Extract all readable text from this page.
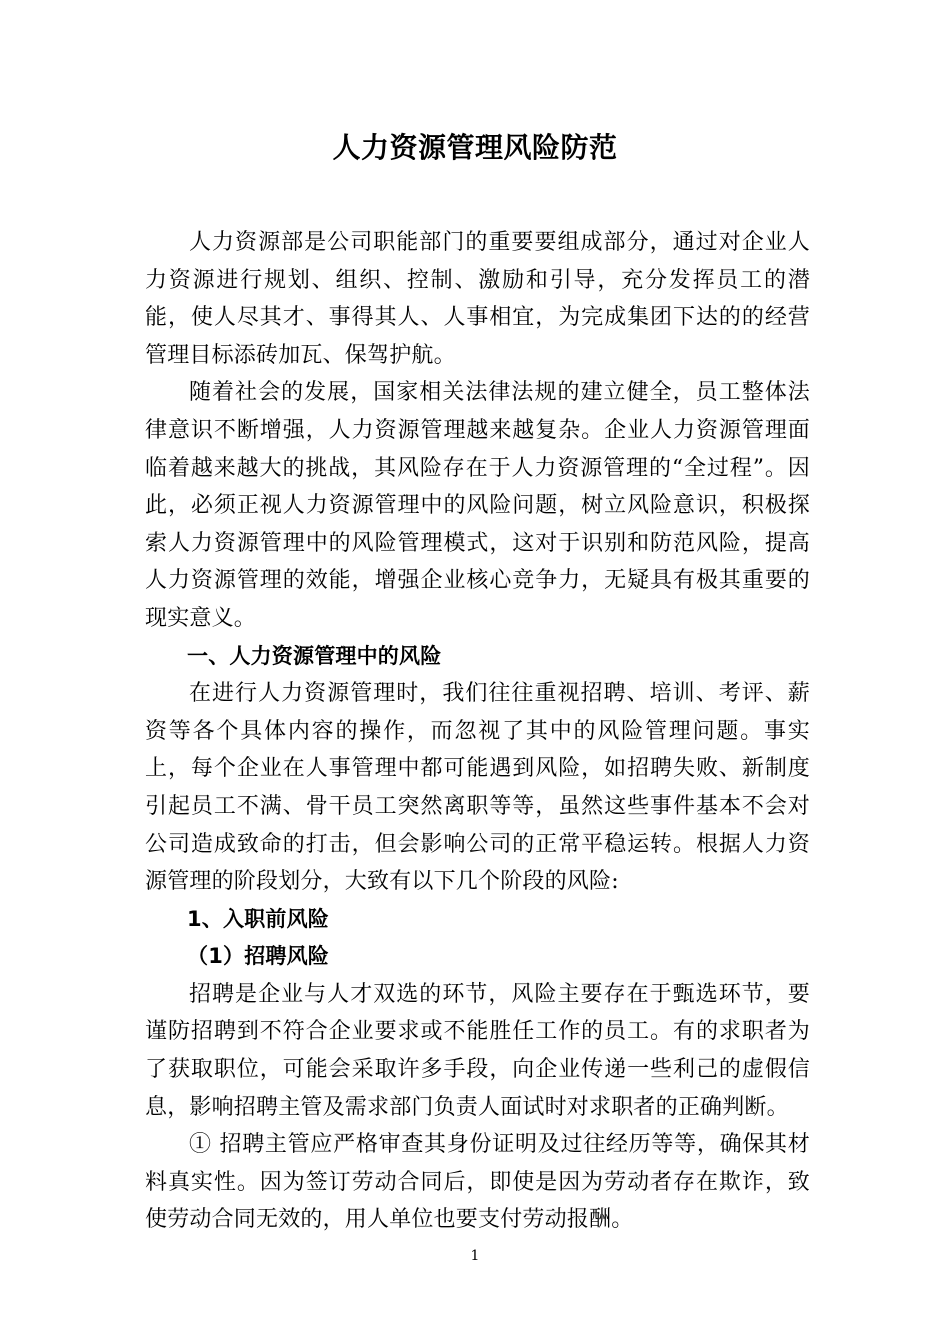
人力资源管理风险防范

人力资源部是公司职能部门的重要要组成部分，通过对企业人力资源进行规划、组织、控制、激励和引导，充分发挥员工的潜能，使人尽其才、事得其人、人事相宜，为完成集团下达的的经营管理目标添砖加瓦、保驾护航。

随着社会的发展，国家相关法律法规的建立健全，员工整体法律意识不断增强，人力资源管理越来越复杂。企业人力资源管理面临着越来越大的挑战，其风险存在于人力资源管理的“全过程”。因此，必须正视人力资源管理中的风险问题，树立风险意识，积极探索人力资源管理中的风险管理模式，这对于识别和防范风险，提高人力资源管理的效能，增强企业核心竞争力，无疑具有极其重要的现实意义。

一、人力资源管理中的风险

在进行人力资源管理时，我们往往重视招聘、培训、考评、薪资等各个具体内容的操作，而忽视了其中的风险管理问题。事实上，每个企业在人事管理中都可能遇到风险，如招聘失败、新制度引起员工不满、骨干员工突然离职等等，虽然这些事件基本不会对公司造成致命的打击，但会影响公司的正常平稳运转。根据人力资源管理的阶段划分，大致有以下几个阶段的风险:

1、入职前风险

（1）招聘风险

招聘是企业与人才双选的环节，风险主要存在于甄选环节，要谨防招聘到不符合企业要求或不能胜任工作的员工。有的求职者为了获取职位，可能会采取许多手段，向企业传递一些利己的虚假信息，影响招聘主管及需求部门负责人面试时对求职者的正确判断。

① 招聘主管应严格审查其身份证明及过往经历等等，确保其材料真实性。因为签订劳动合同后，即使是因为劳动者存在欺诈，致使劳动合同无效的，用人单位也要支付劳动报酬。

1
